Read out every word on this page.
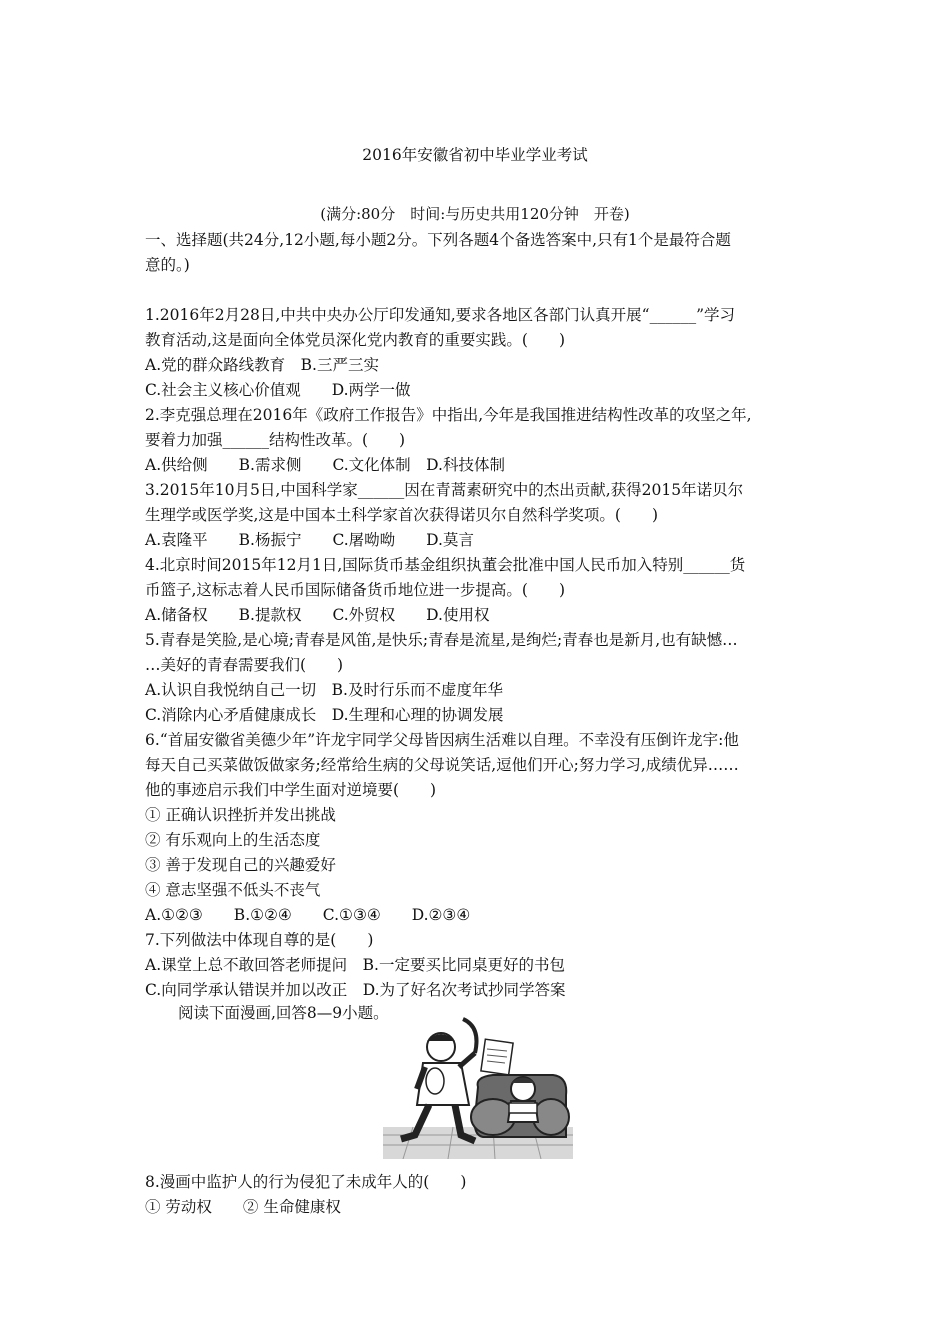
2016年安徽省初中毕业学业考试
(满分:80分　时间:与历史共用120分钟　开卷)
一、选择题(共24分,12小题,每小题2分。下列各题4个备选答案中,只有1个是最符合题
意的。)
1.2016年2月28日,中共中央办公厅印发通知,要求各地区各部门认真开展“______”学习
教育活动,这是面向全体党员深化党内教育的重要实践。(　　)
A.党的群众路线教育　B.三严三实
C.社会主义核心价值观　　D.两学一做
2.李克强总理在2016年《政府工作报告》中指出,今年是我国推进结构性改革的攻坚之年,
要着力加强______结构性改革。(　　)
A.供给侧　　B.需求侧　　C.文化体制　D.科技体制
3.2015年10月5日,中国科学家______因在青蒿素研究中的杰出贡献,获得2015年诺贝尔
生理学或医学奖,这是中国本土科学家首次获得诺贝尔自然科学奖项。(　　)
A.袁隆平　　B.杨振宁　　C.屠呦呦　　D.莫言
4.北京时间2015年12月1日,国际货币基金组织执董会批准中国人民币加入特别______货
币篮子,这标志着人民币国际储备货币地位进一步提高。(　　)
A.储备权　　B.提款权　　C.外贸权　　D.使用权
5.青春是笑脸,是心境;青春是风笛,是快乐;青春是流星,是绚烂;青春也是新月,也有缺憾…
…美好的青春需要我们(　　)
A.认识自我悦纳自己一切　B.及时行乐而不虚度年华
C.消除内心矛盾健康成长　D.生理和心理的协调发展
6.“首届安徽省美德少年”许龙宇同学父母皆因病生活难以自理。不幸没有压倒许龙宇:他
每天自己买菜做饭做家务;经常给生病的父母说笑话,逗他们开心;努力学习,成绩优异……
他的事迹启示我们中学生面对逆境要(　　)
① 正确认识挫折并发出挑战
② 有乐观向上的生活态度
③ 善于发现自己的兴趣爱好
④ 意志坚强不低头不丧气
A.①②③　　B.①②④　　C.①③④　　D.②③④
7.下列做法中体现自尊的是(　　)
A.课堂上总不敢回答老师提问　B.一定要买比同桌更好的书包
C.向同学承认错误并加以改正　D.为了好名次考试抄同学答案
阅读下面漫画,回答8—9小题。
8.漫画中监护人的行为侵犯了未成年人的(　　)
① 劳动权　　② 生命健康权
